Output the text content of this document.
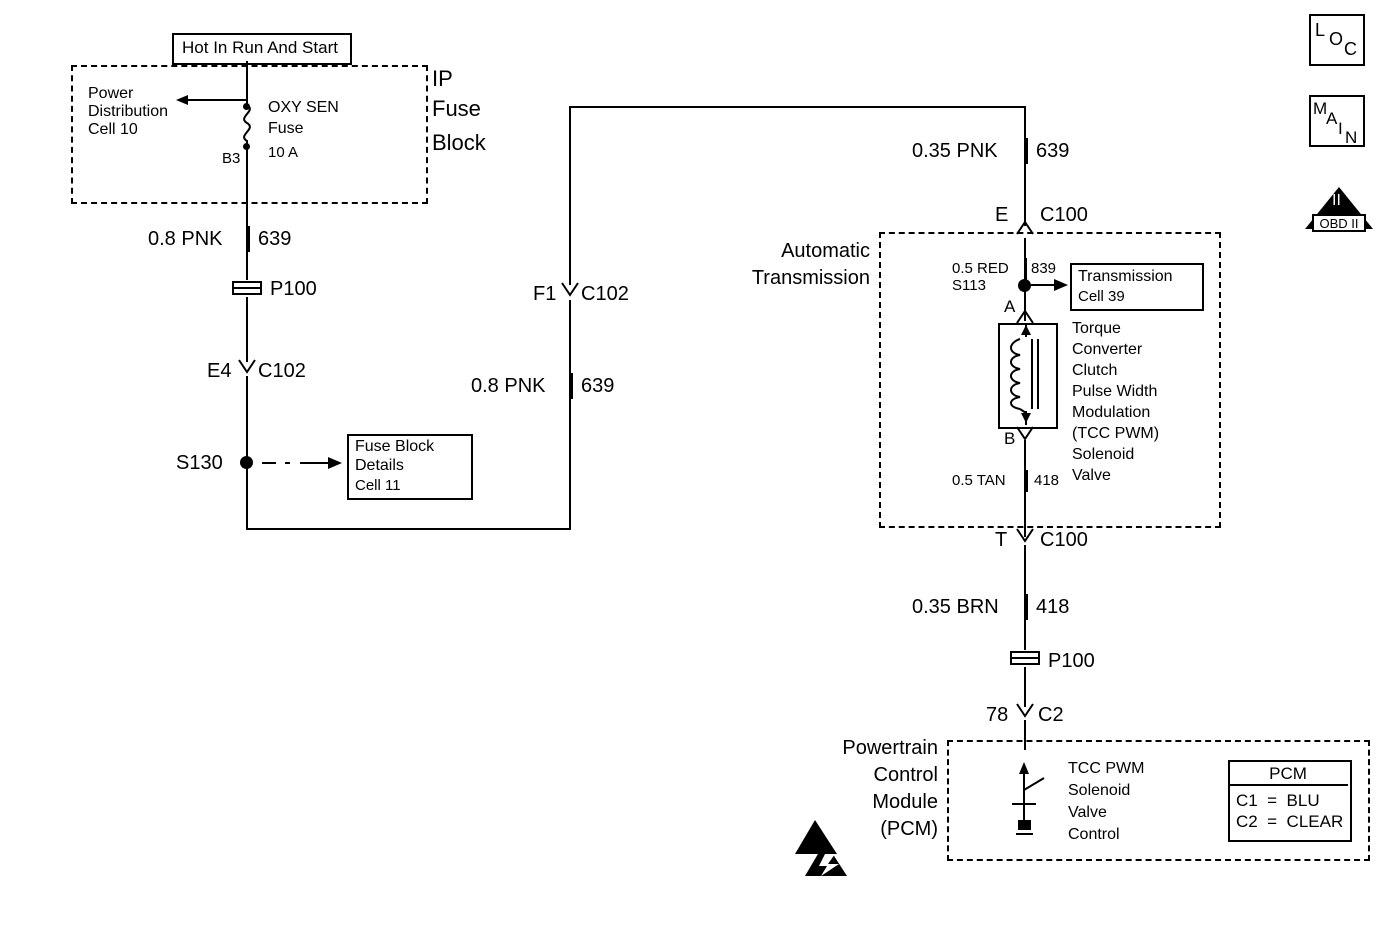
Hot In Run And Start
IP
Fuse
Block
Power
Distribution
Cell 10
OXY SEN
Fuse
10 A
B3
0.8 PNK 639
P100
E4 C102
S130
Fuse Block
Details
Cell 11
0.8 PNK 639
F1 C102
0.35 PNK 639
E C100
Automatic
Transmission	0.5 RED 839
S113
Transmission
Cell 39
A
Torque
Converter
Clutch
Pulse Width
Modulation
(TCC PWM)
Solenoid
Valve
B
0.5 TAN 418
T C100
0.35 BRN 418
P100
78 C2
Powertrain
Control
Module
(PCM)
TCC PWM
Solenoid
Valve
Control
PCM
C1  =  BLU
C2  =  CLEAR
L O C
M
A
I N
II
OBD II
